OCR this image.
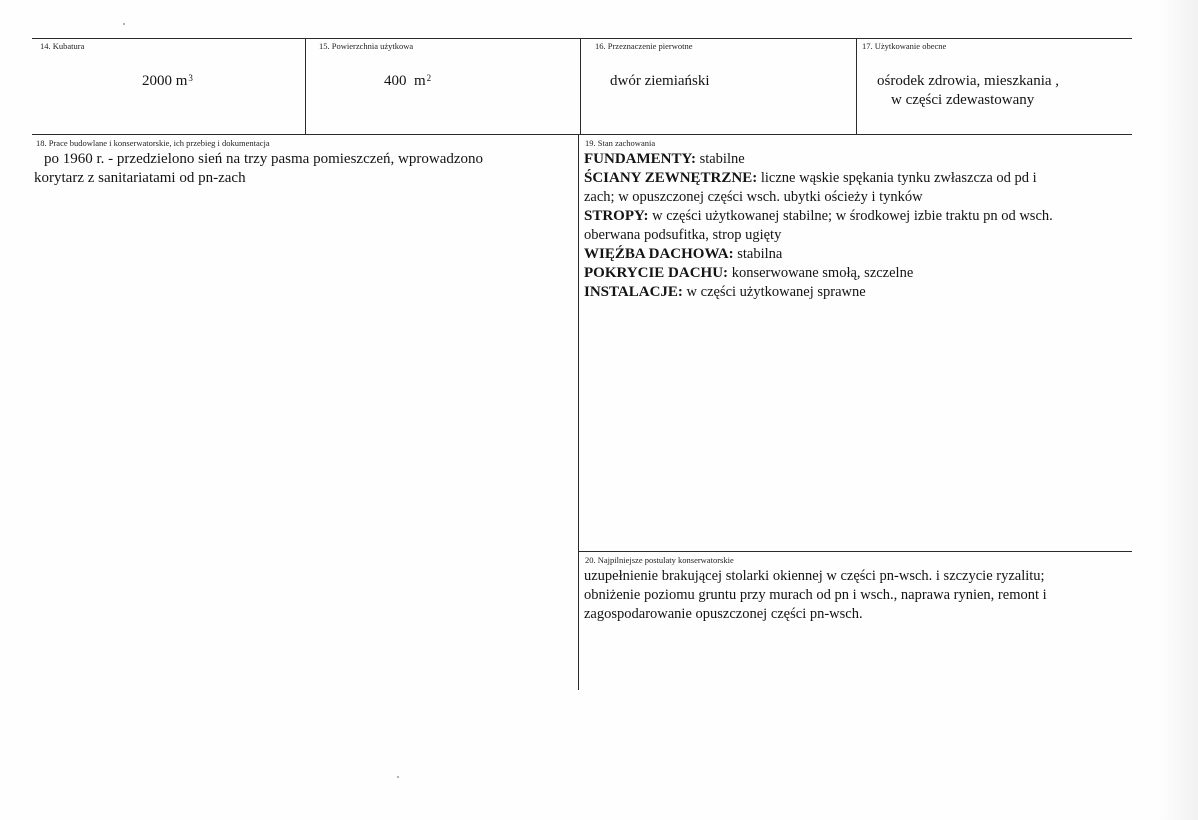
14. Kubatura
2000 $m^3$
15. Powierzchnia użytkowa
400 $m^2$
16. Przeznaczenie pierwotne
dwór ziemiański
17. Użytkowanie obecne
ośrodek zdrowia, mieszkania ,
w części zdewastowany
18. Prace budowlane i konserwatorskie, ich przebieg i dokumentacja
po 1960 r. - przedzielono sień na trzy pasma pomieszczeń, wprowadzono
korytarz z sanitariatami od pn-zach
19. Stan zachowania
FUNDAMENTY: stabilne
ŚCIANY ZEWNĘTRZNE: liczne wąskie spękania tynku zwłaszcza od pd i
zach; w opuszczonej części wsch. ubytki ościeży i tynków
STROPY: w części użytkowanej stabilne; w środkowej izbie traktu pn od wsch.
oberwana podsufitka, strop ugięty
WIĘŹBA DACHOWA: stabilna
POKRYCIE DACHU: konserwowane smołą, szczelne
INSTALACJE: w części użytkowanej sprawne
20. Najpilniejsze postulaty konserwatorskie
uzupełnienie brakującej stolarki okiennej w części pn-wsch. i szczycie ryzalitu;
obniżenie poziomu gruntu przy murach od pn i wsch., naprawa rynien, remont i
zagospodarowanie opuszczonej części pn-wsch.
